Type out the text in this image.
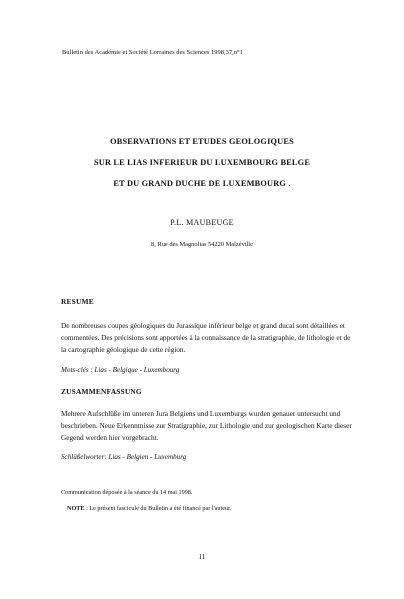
Bulletin des Académie et Société Lorraines des Sciences 1998,37,n°1
OBSERVATIONS ET ETUDES GEOLOGIQUES
SUR LE LIAS INFERIEUR DU LUXEMBOURG BELGE
ET DU GRAND DUCHE DE LUXEMBOURG .
P.L. MAUBEUGE
8, Rue des Magnolias 54220 Malzéville
RESUME
De nombreuses coupes géologiques du Jurassique inférieur belge et grand ducal sont détaillées et commentées. Des précisions sont apportées à la connaissance de la stratigraphie, de lithologie et de la cartographie géologique de cette région.
Mots-clés : Lias - Belgique - Luxembourg
ZUSAMMENFASSUNG
Mehrere Aufschlüße im unteren Jura Belgiens und Luxemburgs wurden genauer untersucht und beschrieben. Neue Erkenntnisse zur Stratigraphie, zur Lithologie und zur geologischen Karte dieser Gegend werden hier vorgebracht.
Schlüßelworter: Lias - Belgien - Luxemburg
Communication déposée à la séance du 14 mai 1998.
NOTE : Le présent fascicule du Bulletin a été financé par l'auteur.
11
